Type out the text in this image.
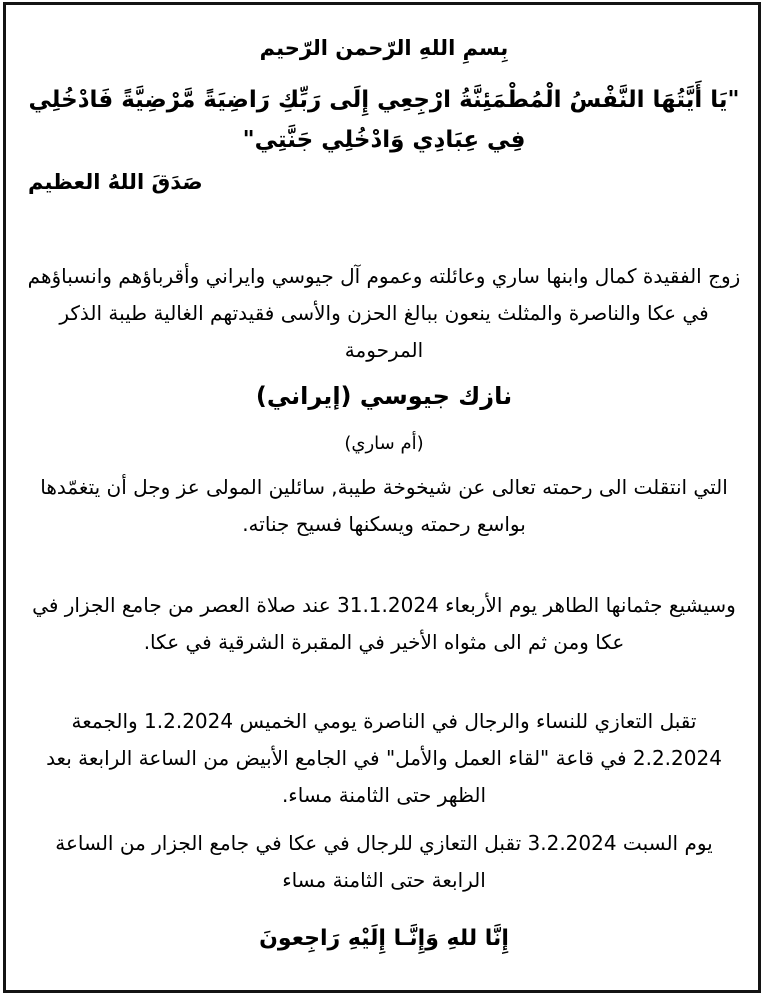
بِسمِ اللهِ الرّحمن الرّحيم
"يَا أَيَّتُهَا النَّفْسُ الْمُطْمَئِنَّةُ ارْجِعِي إِلَى رَبِّكِ رَاضِيَةً مَّرْضِيَّةً فَادْخُلِي فِي عِبَادِي وَادْخُلِي جَنَّتِي"
صَدَقَ اللهُ العظيم
زوج الفقيدة كمال وابنها ساري وعائلته وعموم آل جيوسي وايراني وأقرباؤهم وانسباؤهم في عكا والناصرة والمثلث ينعون ببالغ الحزن والأسى فقيدتهم الغالية طيبة الذكر المرحومة
نازك جيوسي (إيراني)
(أم ساري)
التي انتقلت الى رحمته تعالى عن شيخوخة طيبة, سائلين المولى عز وجل أن يتغمّدها بواسع رحمته ويسكنها فسيح جناته.
وسيشيع جثمانها الطاهر يوم الأربعاء 31.1.2024 عند صلاة العصر من جامع الجزار في عكا ومن ثم الى مثواه الأخير في المقبرة الشرقية في عكا.
تقبل التعازي للنساء والرجال في الناصرة يومي الخميس 1.2.2024 والجمعة 2.2.2024 في قاعة "لقاء العمل والأمل" في الجامع الأبيض من الساعة الرابعة بعد الظهر حتى الثامنة مساء.
يوم السبت 3.2.2024 تقبل التعازي للرجال في عكا في جامع الجزار من الساعة الرابعة حتى الثامنة مساء
إِنَّا للهِ وَإِنَّـا إِلَيْهِ رَاجِعونَ
